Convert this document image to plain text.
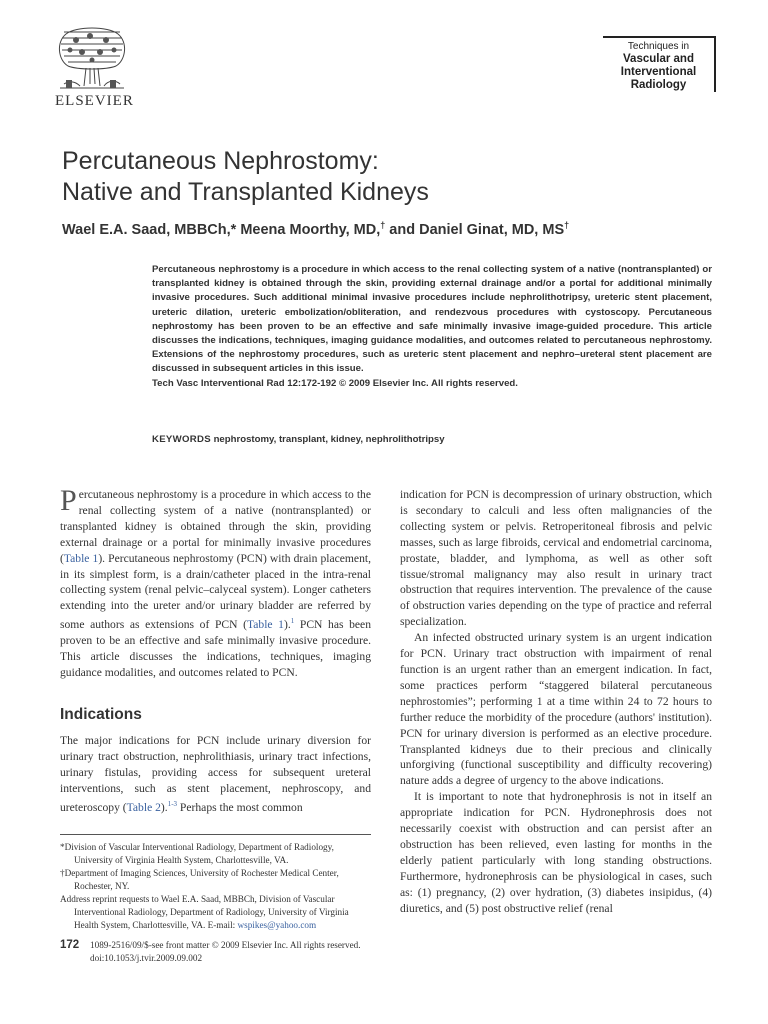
ELSEVIER
Techniques in
Vascular and
Interventional
Radiology
Percutaneous Nephrostomy:
Native and Transplanted Kidneys
Wael E.A. Saad, MBBCh,* Meena Moorthy, MD,† and Daniel Ginat, MD, MS†

Percutaneous nephrostomy is a procedure in which access to the renal collecting system of a native (nontransplanted) or transplanted kidney is obtained through the skin, providing external drainage and/or a portal for additional minimally invasive procedures. Such additional minimal invasive procedures include nephrolithotripsy, ureteric stent placement, ureteric dilation, ureteric embolization/obliteration, and rendezvous procedures with cystoscopy. Percutaneous nephrostomy has been proven to be an effective and safe minimally invasive image-guided procedure. This article discusses the indications, techniques, imaging guidance modalities, and outcomes related to percutaneous nephrostomy. Extensions of the nephrostomy procedures, such as ureteric stent placement and nephro–ureteral stent placement are discussed in subsequent articles in this issue.

Tech Vasc Interventional Rad 12:172-192 © 2009 Elsevier Inc. All rights reserved.

KEYWORDS nephrostomy, transplant, kidney, nephrolithotripsy

Percutaneous nephrostomy is a procedure in which access to the renal collecting system of a native (nontransplanted) or transplanted kidney is obtained through the skin, providing external drainage or a portal for minimally invasive procedures (Table 1). Percutaneous nephrostomy (PCN) with drain placement, in its simplest form, is a drain/catheter placed in the intra-renal collecting system (renal pelvic–calyceal system). Longer catheters extending into the ureter and/or urinary bladder are referred by some authors as extensions of PCN (Table 1).$^1$ PCN has been proven to be an effective and safe minimally invasive procedure. This article discusses the indications, techniques, imaging guidance modalities, and outcomes related to PCN.

Indications

The major indications for PCN include urinary diversion for urinary tract obstruction, nephrolithiasis, urinary tract infections, urinary fistulas, providing access for subsequent ureteral interventions, such as stent placement, nephroscopy, and ureteroscopy (Table 2).$^{1-3}$ Perhaps the most common

indication for PCN is decompression of urinary obstruction, which is secondary to calculi and less often malignancies of the collecting system or pelvis. Retroperitoneal fibrosis and pelvic masses, such as large fibroids, cervical and endometrial carcinoma, prostate, bladder, and lymphoma, as well as other soft tissue/stromal malignancy may also result in urinary tract obstruction that requires intervention. The prevalence of the cause of obstruction varies depending on the type of practice and referral specialization.

An infected obstructed urinary system is an urgent indication for PCN. Urinary tract obstruction with impairment of renal function is an urgent rather than an emergent indication. In fact, some practices perform “staggered bilateral percutaneous nephrostomies”; performing 1 at a time within 24 to 72 hours to further reduce the morbidity of the procedure (authors' institution). PCN for urinary diversion is performed as an elective procedure. Transplanted kidneys due to their precious and clinically unforgiving (functional susceptibility and difficulty recovering) nature adds a degree of urgency to the above indications.

It is important to note that hydronephrosis is not in itself an appropriate indication for PCN. Hydronephrosis does not necessarily coexist with obstruction and can persist after an obstruction has been relieved, even lasting for months in the elderly patient particularly with long standing obstructions. Furthermore, hydronephrosis can be physiological in cases, such as: (1) pregnancy, (2) over hydration, (3) diabetes insipidus, (4) diuretics, and (5) post obstructive relief (renal

*Division of Vascular Interventional Radiology, Department of Radiology, University of Virginia Health System, Charlottesville, VA.

†Department of Imaging Sciences, University of Rochester Medical Center, Rochester, NY.

Address reprint requests to Wael E.A. Saad, MBBCh, Division of Vascular Interventional Radiology, Department of Radiology, University of Virginia Health System, Charlottesville, VA. E-mail: wspikes@yahoo.com

172	1089-2516/09/$-see front matter © 2009 Elsevier Inc. All rights reserved.
doi:10.1053/j.tvir.2009.09.002
